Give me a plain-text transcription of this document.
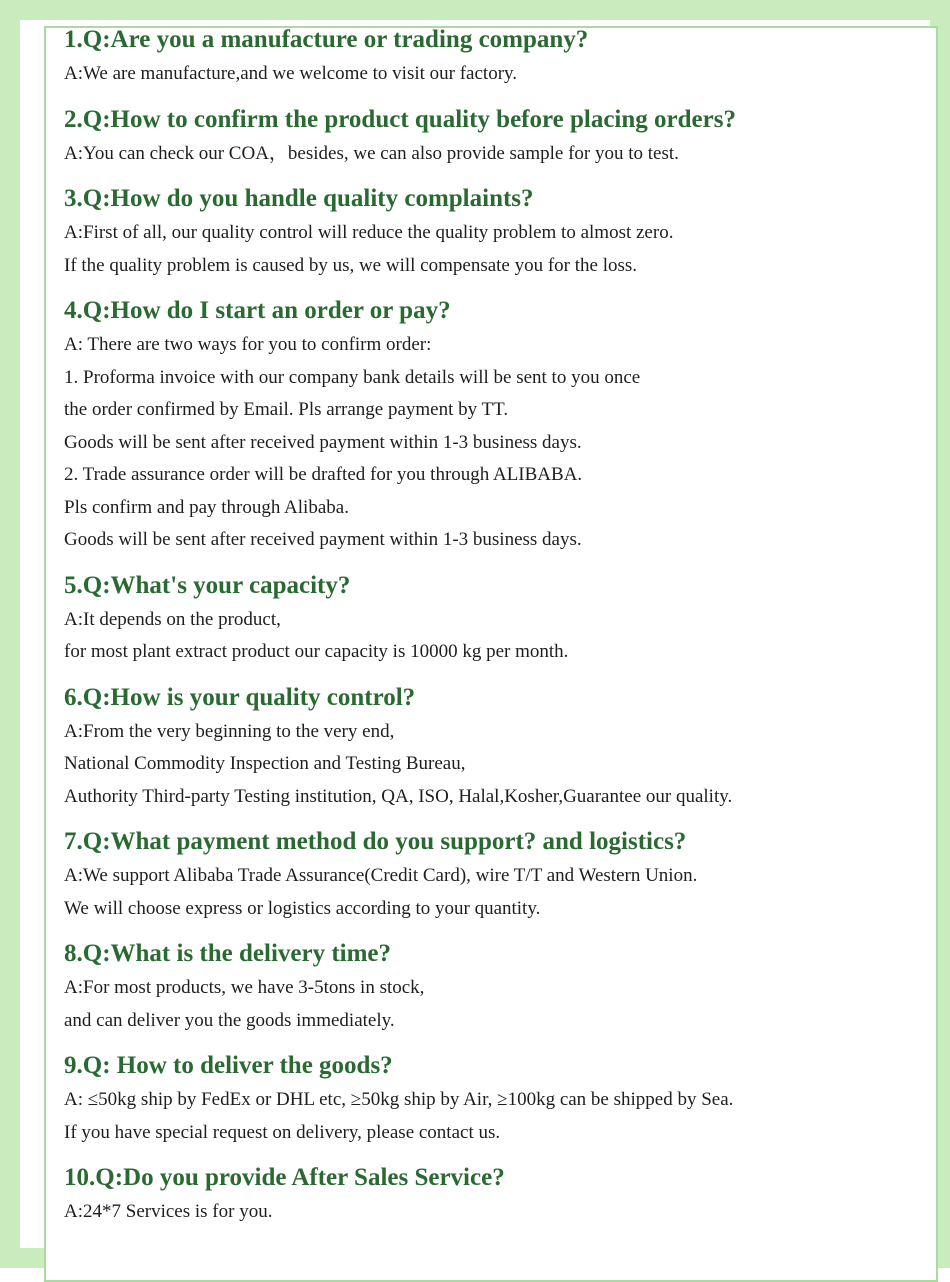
1.Q:Are you a manufacture or trading company?
A:We are manufacture,and we welcome to visit our factory.
2.Q:How to confirm the product quality before placing orders?
A:You can check our COA，besides, we can also provide sample for you to test.
3.Q:How do you handle quality complaints?
A:First of all, our quality control will reduce the quality problem to almost zero.
If the quality problem is caused by us, we will compensate you for the loss.
4.Q:How do I start an order or pay?
A: There are two ways for you to confirm order:
1. Proforma invoice with our company bank details will be sent to you once
the order confirmed by Email. Pls arrange payment by TT.
Goods will be sent after received payment within 1-3 business days.
2. Trade assurance order will be drafted for you through ALIBABA.
Pls confirm and pay through Alibaba.
Goods will be sent after received payment within 1-3 business days.
5.Q:What's your capacity?
A:It depends on the product,
for most plant extract product our capacity is 10000 kg per month.
6.Q:How is your quality control?
A:From the very beginning to the very end,
National Commodity Inspection and Testing Bureau,
Authority Third-party Testing institution, QA, ISO, Halal,Kosher,Guarantee our quality.
7.Q:What payment method do you support? and logistics?
A:We support Alibaba Trade Assurance(Credit Card), wire T/T and Western Union.
We will choose express or logistics according to your quantity.
8.Q:What is the delivery time?
A:For most products, we have 3-5tons in stock,
and can deliver you the goods immediately.
9.Q: How to deliver the goods?
A: ≤50kg ship by FedEx or DHL etc, ≥50kg ship by Air, ≥100kg can be shipped by Sea.
If you have special request on delivery, please contact us.
10.Q:Do you provide After Sales Service?
A:24*7 Services is for you.
